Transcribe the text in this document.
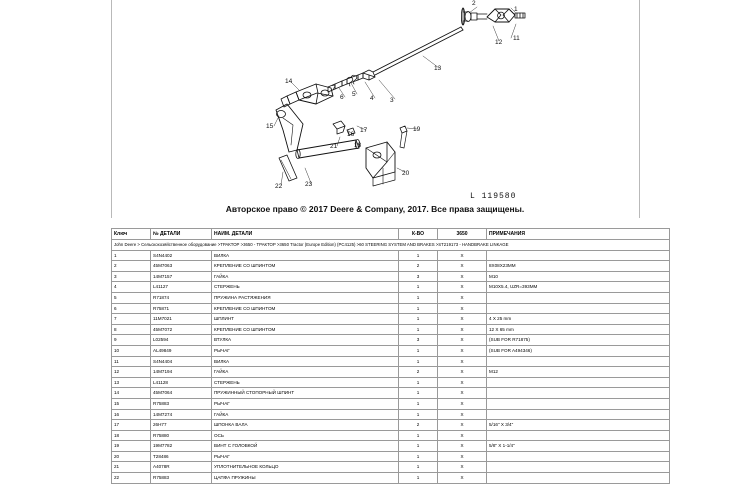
1
2
11
12
13
14
3
4
5
6
7
15
16
17
18
19
20
21
22	23
L 119580
Авторское право © 2017 Deere & Company, 2017. Все права защищены.
John Deere > Сельскохозяйственное оборудование >ТРАКТОР >3650 - ТРАКТОР >3650 Tractor (Europe Edition) (PC4125) >60 STEERING SYSTEM AND BRAKES >ST219173 - HANDBRAKE LINKAGE					
Ключ	№ ДЕТАЛИ	НАИМ. ДЕТАЛИ	К-ВО	3650	ПРИМЕЧАНИЯ
1	S4N4402	ВИЛКА	1	X	
2	45M7063	КРЕПЛЕНИЕ СО ШПИНТОМ	2	X	8X08X23ММ
3	14M7157	ГАЙКА	3	X	M10
4	L41127	СТЕРЖЕНЬ	1	X	M10X5.4, UZR=393MM
5	R71874	ПРУЖИНА РАСТЯЖЕНИЯ	1	X	
6	R75871	КРЕПЛЕНИЕ СО ШПИНТОМ	1	X	
7	11M7021	ШПЛИНТ	1	X	4 X 25 mm
8	45M7072	КРЕПЛЕНИЕ СО ШПИНТОМ	1	X	12 X 65 mm
9	L02594	ВТУЛКА	3	X	(SUB FOR R71875)
10	AL49849	РЫЧАГ	1	X	(SUB FOR A494346)
11	S4N4404	ВИЛКА	1	X	
12	14M7194	ГАЙКА	2	X	M12
13	L41128	СТЕРЖЕНЬ	1	X	
14	45M7064	ПРУЖИННЫЙ СТОПОРНЫЙ ШПИНТ	1	X	
15	R75883	РЫЧАГ	1	X	
16	14M7274	ГАЙКА	1	X	
17	26H77	ШПОНКА ВАЛА	2	X	5/16" X 3/4"
18	R75880	ОСЬ	1	X	
19	19M7782	ВИНТ С ГОЛОВКОЙ	1	X	5/8" X 1-1/4"
20	T28486	РЫЧАГ	1	X	
21	A4078R	УПЛОТНИТЕЛЬНОЕ КОЛЬЦО	1	X	
22	R75883	ЦАПФА ПРУЖИНЫ	1	X	
